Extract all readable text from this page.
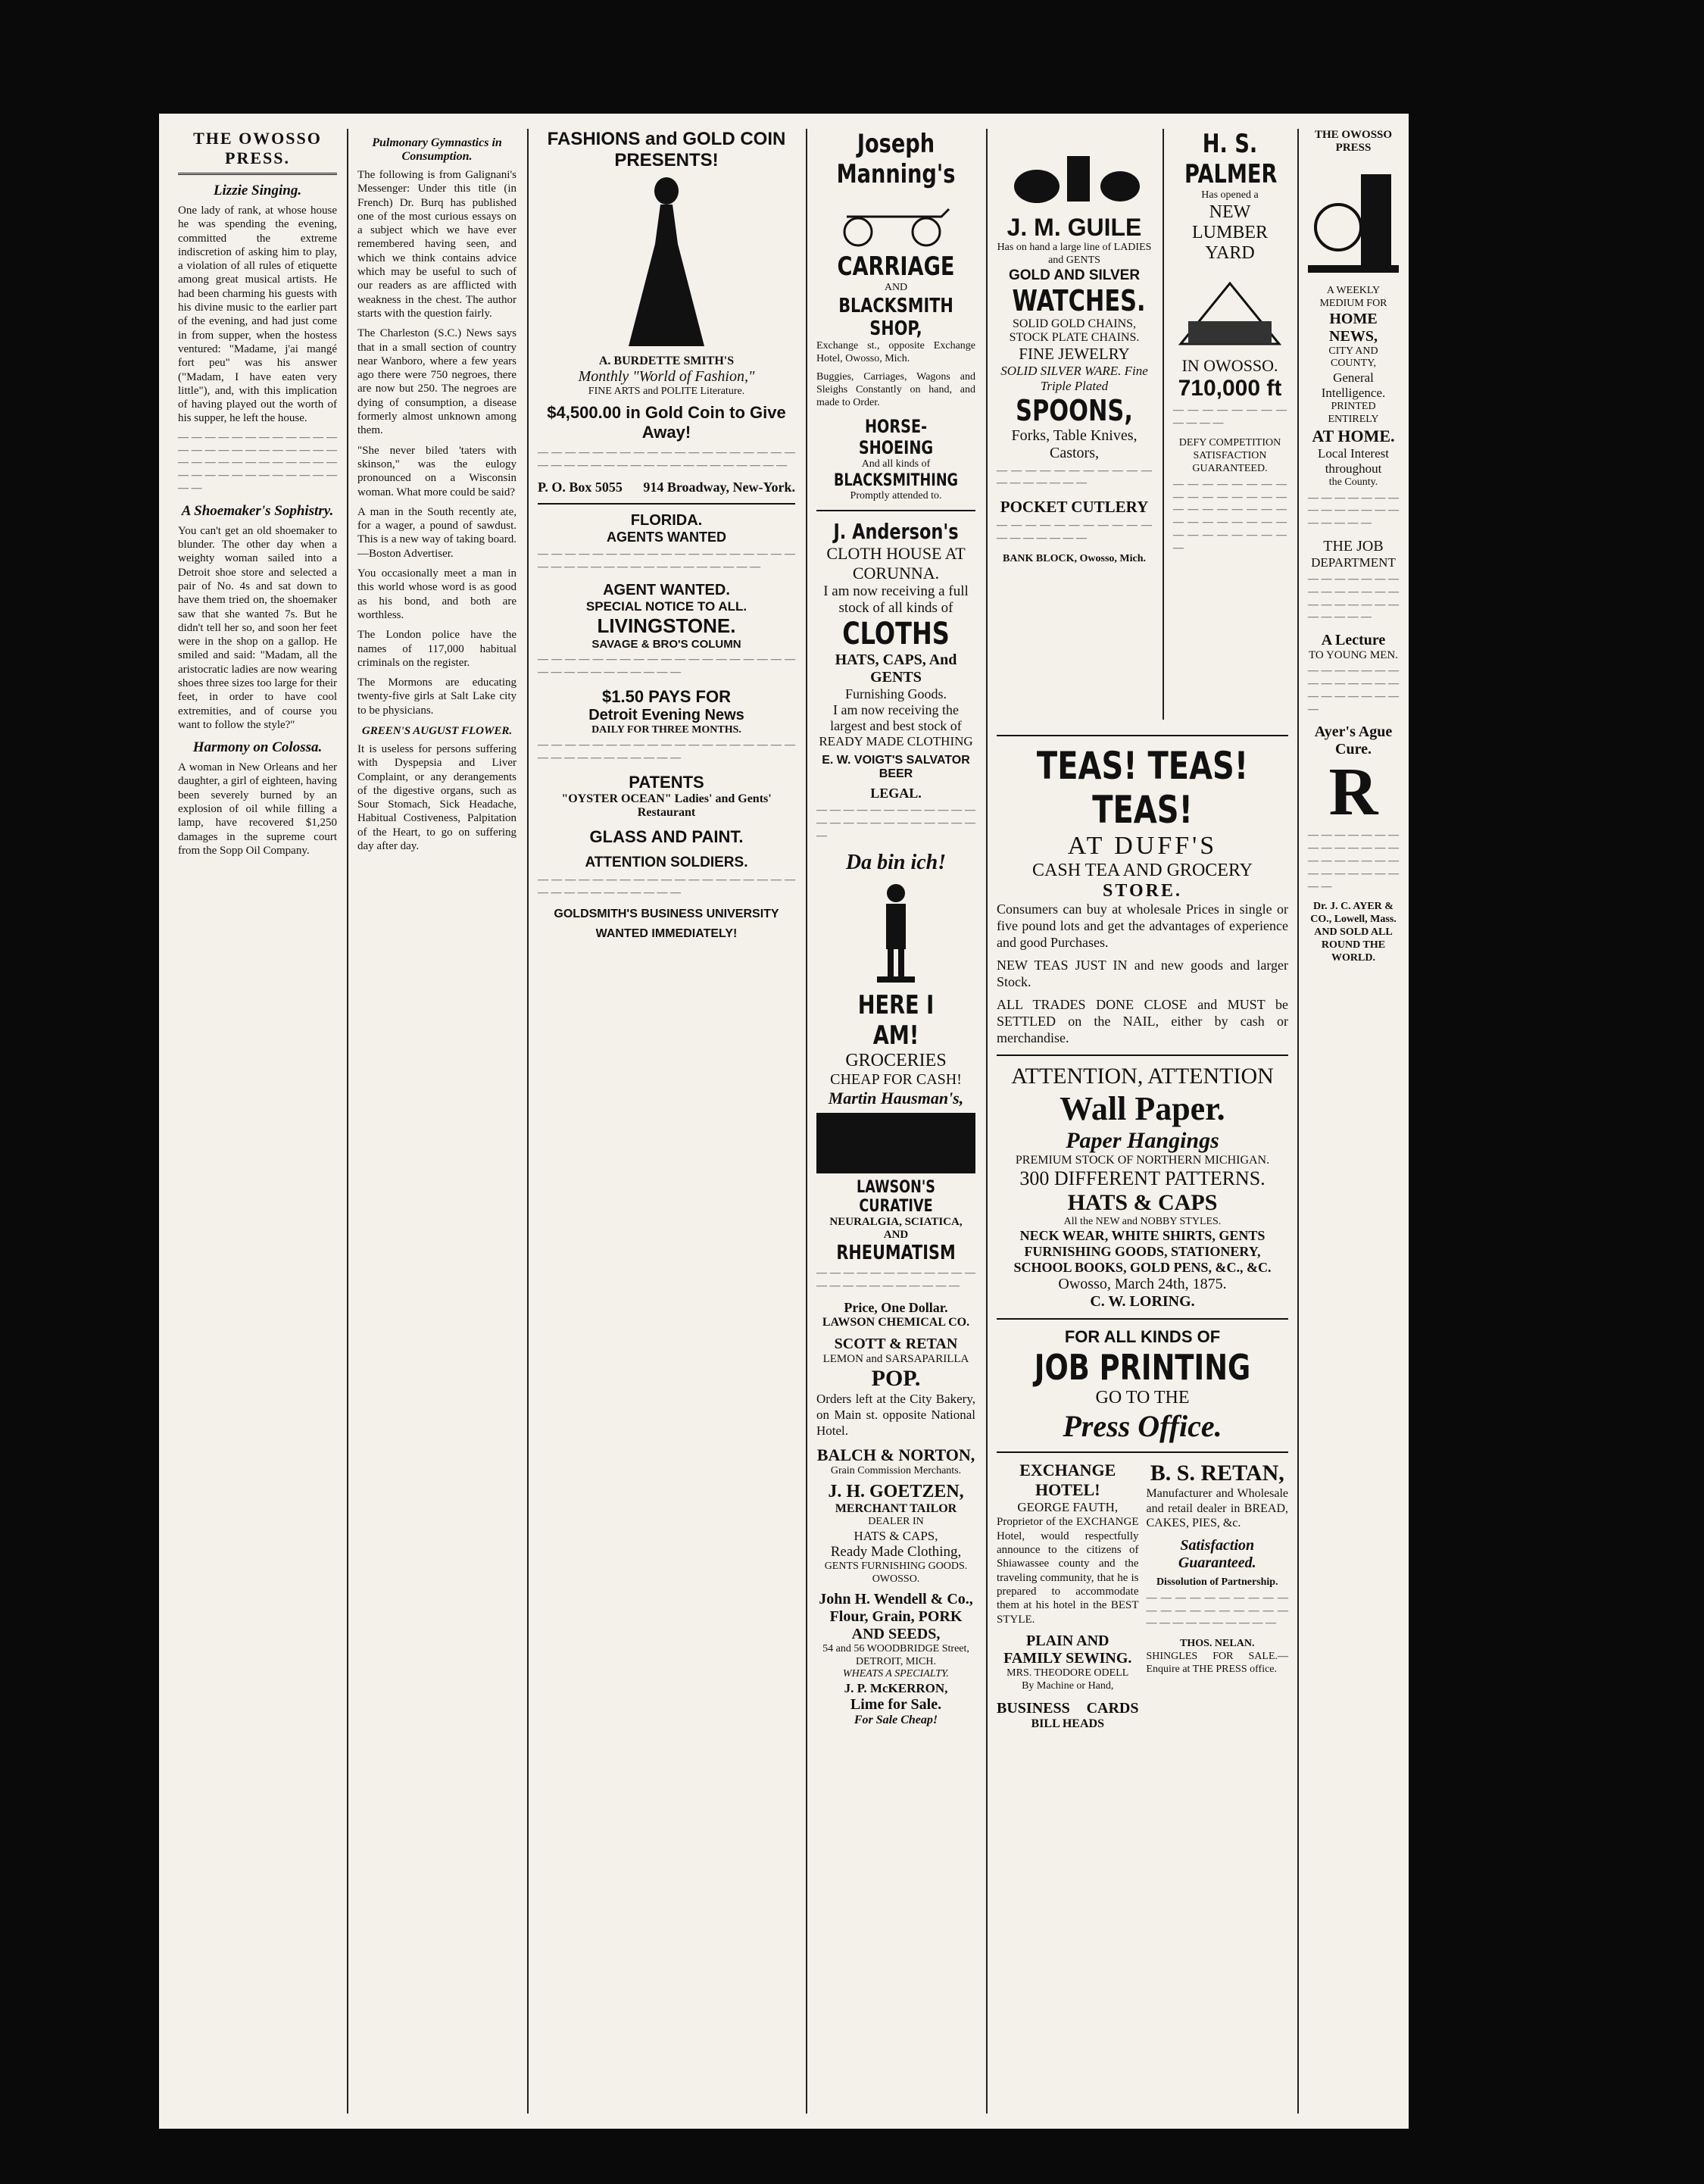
THE OWOSSO PRESS.
Lizzie Singing.

One lady of rank, at whose house he was spending the evening, committed the extreme indiscretion of asking him to play, a violation of all rules of etiquette among great musical artists. He had been charming his guests with his divine music to the earlier part of the evening, and had just come in from supper, when the hostess ventured: "Madame, j'ai mangé fort peu" was his answer ("Madam, I have eaten very little"), and, with this implication of having played out the worth of his supper, he left the house.

— — — — — — — — — — — — — — — — — — — — — — — — — — — — — — — — — — — — — — — — — — — — — — — — — —
A Shoemaker's Sophistry.

You can't get an old shoemaker to blunder. The other day when a weighty woman sailed into a Detroit shoe store and selected a pair of No. 4s and sat down to have them tried on, the shoemaker saw that she wanted 7s. But he didn't tell her so, and soon her feet were in the shop on a gallop. He smiled and said: "Madam, all the aristocratic ladies are now wearing shoes three sizes too large for their feet, in order to have cool extremities, and of course you want to follow the style?"

Harmony on Colossa.

A woman in New Orleans and her daughter, a girl of eighteen, having been severely burned by an explosion of oil while filling a lamp, have recovered $1,250 damages in the supreme court from the Sopp Oil Company.

Pulmonary Gymnastics in Consumption.

The following is from Galignani's Messenger: Under this title (in French) Dr. Burq has published one of the most curious essays on a subject which we have ever remembered having seen, and which we think contains advice which may be useful to such of our readers as are afflicted with weakness in the chest. The author starts with the question fairly.

The Charleston (S.C.) News says that in a small section of country near Wanboro, where a few years ago there were 750 negroes, there are now but 250. The negroes are dying of consumption, a disease formerly almost unknown among them.

"She never biled 'taters with skinson," was the eulogy pronounced on a Wisconsin woman. What more could be said?

A man in the South recently ate, for a wager, a pound of sawdust. This is a new way of taking board.—Boston Advertiser.

You occasionally meet a man in this world whose word is as good as his bond, and both are worthless.

The London police have the names of 117,000 habitual criminals on the register.

The Mormons are educating twenty-five girls at Salt Lake city to be physicians.

GREEN'S AUGUST FLOWER.

It is useless for persons suffering with Dyspepsia and Liver Complaint, or any derangements of the digestive organs, such as Sour Stomach, Sick Headache, Habitual Costiveness, Palpitation of the Heart, to go on suffering day after day.

FASHIONS and GOLD COIN PRESENTS!
A. BURDETTE SMITH'S
Monthly "World of Fashion,"
FINE ARTS and POLITE Literature.
$4,500.00 in Gold Coin to Give Away!
— — — — — — — — — — — — — — — — — — — — — — — — — — — — — — — — — — — — — —
P. O. Box 5055 914 Broadway, New-York.
FLORIDA.
AGENTS WANTED
— — — — — — — — — — — — — — — — — — — — — — — — — — — — — — — — — — — —
AGENT WANTED.
SPECIAL NOTICE TO ALL.
LIVINGSTONE.
SAVAGE & BRO'S COLUMN
— — — — — — — — — — — — — — — — — — — — — — — — — — — — — —
$1.50 PAYS FOR
Detroit Evening News
DAILY FOR THREE MONTHS.
— — — — — — — — — — — — — — — — — — — — — — — — — — — — — —
PATENTS
"OYSTER OCEAN" Ladies' and Gents' Restaurant
GLASS AND PAINT.
ATTENTION SOLDIERS.
— — — — — — — — — — — — — — — — — — — — — — — — — — — — — —
GOLDSMITH'S BUSINESS UNIVERSITY
WANTED IMMEDIATELY!
Joseph Manning's
CARRIAGE
AND
BLACKSMITH SHOP,

Exchange st., opposite Exchange Hotel, Owosso, Mich.

Buggies, Carriages, Wagons and Sleighs Constantly on hand, and made to Order.

HORSE-SHOEING
And all kinds of
BLACKSMITHING
Promptly attended to.
J. Anderson's
CLOTH HOUSE AT CORUNNA.
I am now receiving a full stock of all kinds of
CLOTHS
HATS, CAPS, And GENTS
Furnishing Goods.
I am now receiving the largest and best stock of
READY MADE CLOTHING
E. W. VOIGT'S SALVATOR BEER
LEGAL.
— — — — — — — — — — — — — — — — — — — — — — — — —
Da bin ich!
HERE I AM!
GROCERIES
CHEAP FOR CASH!
Martin Hausman's,
LAWSON'S CURATIVE
NEURALGIA, SCIATICA, AND
RHEUMATISM
— — — — — — — — — — — — — — — — — — — — — — —
Price, One Dollar.
LAWSON CHEMICAL CO.
SCOTT & RETAN
LEMON and SARSAPARILLA
POP.

Orders left at the City Bakery, on Main st. opposite National Hotel.

BALCH & NORTON,
Grain Commission Merchants.
J. H. GOETZEN,
MERCHANT TAILOR
DEALER IN
HATS & CAPS,
Ready Made Clothing,
GENTS FURNISHING GOODS.
OWOSSO.
John H. Wendell & Co.,
Flour, Grain, PORK AND SEEDS,
54 and 56 WOODBRIDGE Street, DETROIT, MICH.
WHEATS A SPECIALTY.
J. P. McKERRON,
Lime for Sale.
For Sale Cheap!
J. M. GUILE
Has on hand a large line of LADIES and GENTS
GOLD AND SILVER
WATCHES.
SOLID GOLD CHAINS, STOCK PLATE CHAINS.
FINE JEWELRY
SOLID SILVER WARE. Fine Triple Plated
SPOONS,
Forks, Table Knives, Castors,
— — — — — — — — — — — — — — — — — —
POCKET CUTLERY
— — — — — — — — — — — — — — — — — —
BANK BLOCK, Owosso, Mich.
H. S. PALMER
Has opened a
NEW LUMBER YARD
IN OWOSSO.
710,000 ft
— — — — — — — — — — — —
DEFY COMPETITION
SATISFACTION GUARANTEED.
— — — — — — — — — — — — — — — — — — — — — — — — — — — — — — — — — — — — — — — — —
TEAS! TEAS! TEAS!
AT DUFF'S
CASH TEA AND GROCERY
STORE.

Consumers can buy at wholesale Prices in single or five pound lots and get the advantages of experience and good Purchases.

NEW TEAS JUST IN and new goods and larger Stock.

ALL TRADES DONE CLOSE and MUST be SETTLED on the NAIL, either by cash or merchandise.

ATTENTION, ATTENTION
Wall Paper.
Paper Hangings
PREMIUM STOCK OF NORTHERN MICHIGAN.
300 DIFFERENT PATTERNS.
HATS & CAPS
All the NEW and NOBBY STYLES.
NECK WEAR, WHITE SHIRTS, GENTS FURNISHING GOODS, STATIONERY, SCHOOL BOOKS, GOLD PENS, &C., &C.
Owosso, March 24th, 1875.
C. W. LORING.
FOR ALL KINDS OF
JOB PRINTING
GO TO THE
Press Office.
EXCHANGE HOTEL!
GEORGE FAUTH,

Proprietor of the EXCHANGE Hotel, would respectfully announce to the citizens of Shiawassee county and the traveling community, that he is prepared to accommodate them at his hotel in the BEST STYLE.

PLAIN AND FAMILY SEWING.
MRS. THEODORE ODELL
By Machine or Hand,
BUSINESS CARDS
BILL HEADS
B. S. RETAN,

Manufacturer and Wholesale and retail dealer in BREAD, CAKES, PIES, &c.

Satisfaction Guaranteed.
Dissolution of Partnership.
— — — — — — — — — — — — — — — — — — — — — — — — — — — — — —
THOS. NELAN.

SHINGLES FOR SALE.—Enquire at THE PRESS office.

THE OWOSSO PRESS
A WEEKLY MEDIUM FOR
HOME NEWS,
CITY AND COUNTY,
General Intelligence.
PRINTED ENTIRELY
AT HOME.
Local Interest
throughout
the County.
— — — — — — — — — — — — — — — — — — —
THE JOB
DEPARTMENT
— — — — — — — — — — — — — — — — — — — — — — — — — —
A Lecture
TO YOUNG MEN.
— — — — — — — — — — — — — — — — — — — — — —
Ayer's Ague Cure.
R
— — — — — — — — — — — — — — — — — — — — — — — — — — — — — —
Dr. J. C. AYER & CO., Lowell, Mass.
AND SOLD ALL ROUND THE WORLD.
